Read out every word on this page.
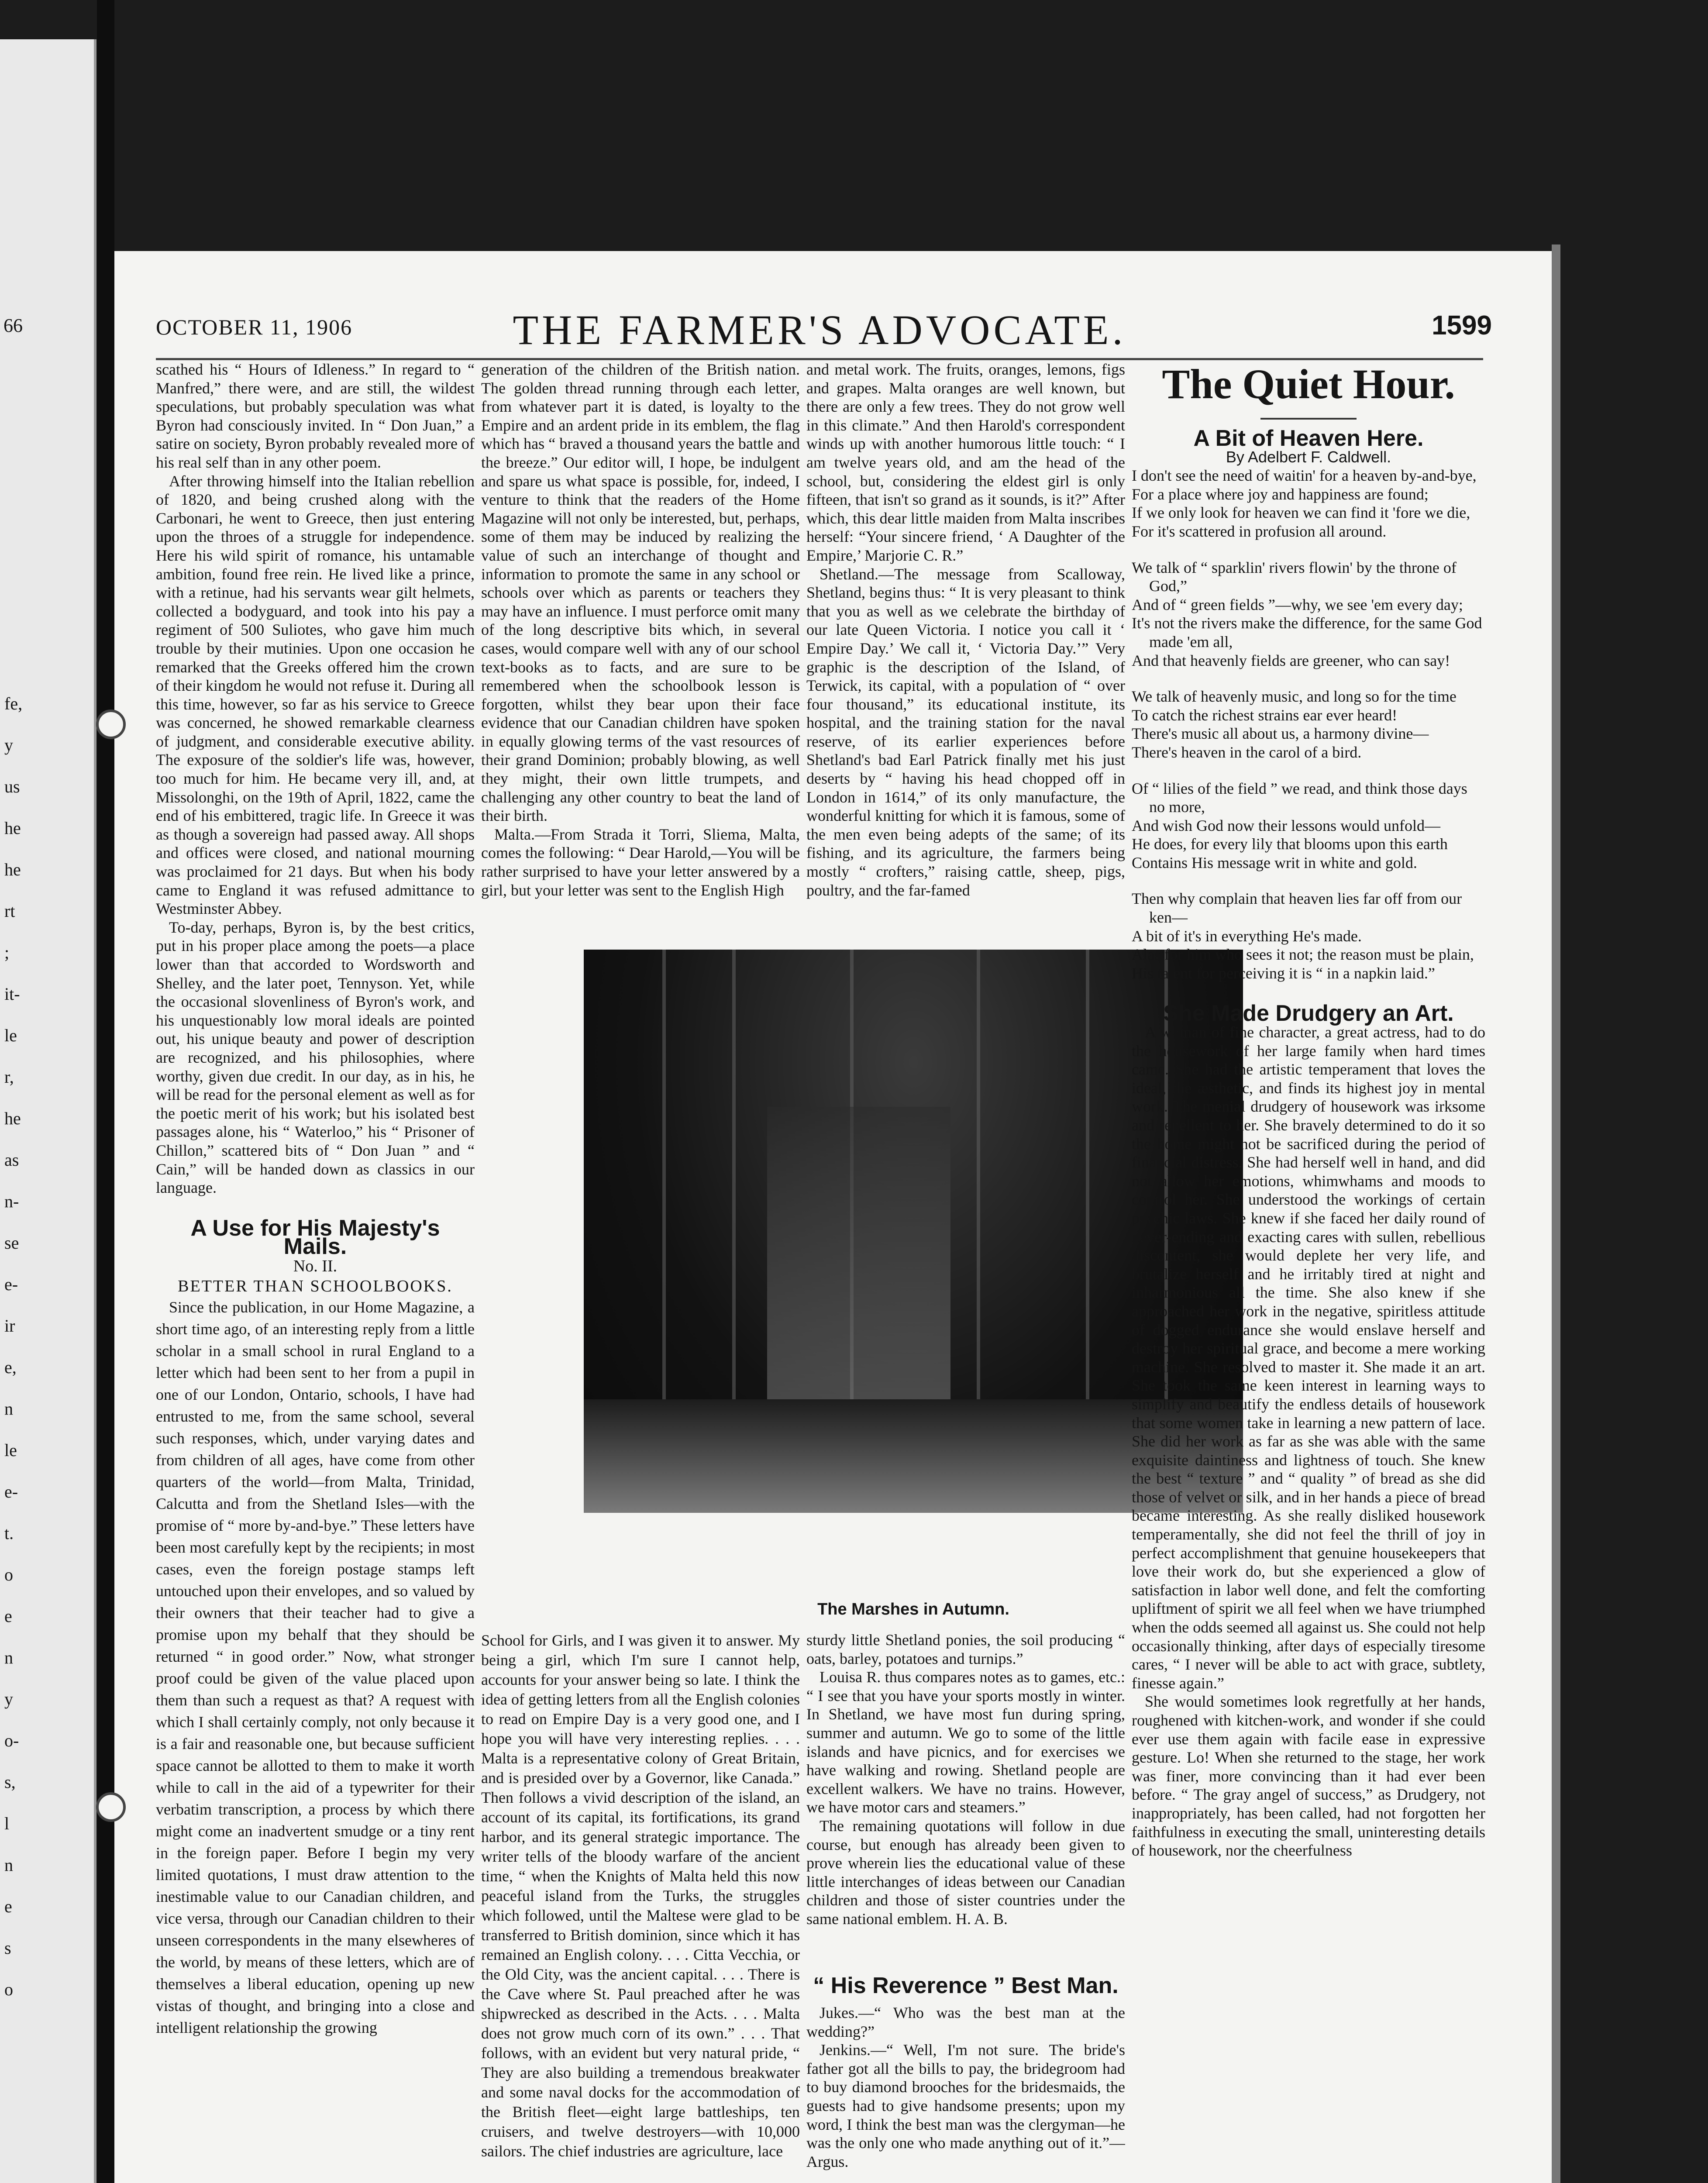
66
fe,
y
us
he
he
rt
;
it-
le
r,
he
as
n-
se
e-
ir
e,
n
le
e-
t.
o
e
n
y
o-
s,
l
n
e
s
o
OCTOBER 11, 1906	THE FARMER'S ADVOCATE.	1599

scathed his “ Hours of Idleness.” In regard to “ Manfred,” there were, and are still, the wildest speculations, but probably speculation was what Byron had consciously invited. In “ Don Juan,” a satire on society, Byron probably revealed more of his real self than in any other poem.

After throwing himself into the Italian rebellion of 1820, and being crushed along with the Carbonari, he went to Greece, then just entering upon the throes of a struggle for independence. Here his wild spirit of romance, his untamable ambition, found free rein. He lived like a prince, with a retinue, had his servants wear gilt helmets, collected a bodyguard, and took into his pay a regiment of 500 Suliotes, who gave him much trouble by their mutinies. Upon one occasion he remarked that the Greeks offered him the crown of their kingdom he would not refuse it. During all this time, however, so far as his service to Greece was concerned, he showed remarkable clearness of judgment, and considerable executive ability. The exposure of the soldier's life was, however, too much for him. He became very ill, and, at Missolonghi, on the 19th of April, 1822, came the end of his embittered, tragic life. In Greece it was as though a sovereign had passed away. All shops and offices were closed, and national mourning was proclaimed for 21 days. But when his body came to England it was refused admittance to Westminster Abbey.

To-day, perhaps, Byron is, by the best critics, put in his proper place among the poets—a place lower than that accorded to Wordsworth and Shelley, and the later poet, Tennyson. Yet, while the occasional slovenliness of Byron's work, and his unquestionably low moral ideals are pointed out, his unique beauty and power of description are recognized, and his philosophies, where worthy, given due credit. In our day, as in his, he will be read for the personal element as well as for the poetic merit of his work; but his isolated best passages alone, his “ Waterloo,” his “ Prisoner of Chillon,” scattered bits of “ Don Juan ” and “ Cain,” will be handed down as classics in our language.

A Use for His Majesty's Mails.
No. II.
BETTER THAN SCHOOLBOOKS.

Since the publication, in our Home Magazine, a short time ago, of an interesting reply from a little scholar in a small school in rural England to a letter which had been sent to her from a pupil in one of our London, Ontario, schools, I have had entrusted to me, from the same school, several such responses, which, under varying dates and from children of all ages, have come from other quarters of the world—from Malta, Trinidad, Calcutta and from the Shetland Isles—with the promise of “ more by-and-bye.” These letters have been most carefully kept by the recipients; in most cases, even the foreign postage stamps left untouched upon their envelopes, and so valued by their owners that their teacher had to give a promise upon my behalf that they should be returned “ in good order.” Now, what stronger proof could be given of the value placed upon them than such a request as that? A request with which I shall certainly comply, not only because it is a fair and reasonable one, but because sufficient space cannot be allotted to them to make it worth while to call in the aid of a typewriter for their verbatim transcription, a process by which there might come an inadvertent smudge or a tiny rent in the foreign paper. Before I begin my very limited quotations, I must draw attention to the inestimable value to our Canadian children, and vice versa, through our Canadian children to their unseen correspondents in the many elsewheres of the world, by means of these letters, which are of themselves a liberal education, opening up new vistas of thought, and bringing into a close and intelligent relationship the growing

generation of the children of the British nation. The golden thread running through each letter, from whatever part it is dated, is loyalty to the Empire and an ardent pride in its emblem, the flag which has “ braved a thousand years the battle and the breeze.” Our editor will, I hope, be indulgent and spare us what space is possible, for, indeed, I venture to think that the readers of the Home Magazine will not only be interested, but, perhaps, some of them may be induced by realizing the value of such an interchange of thought and information to promote the same in any school or schools over which as parents or teachers they may have an influence. I must perforce omit many of the long descriptive bits which, in several cases, would compare well with any of our school text-books as to facts, and are sure to be remembered when the schoolbook lesson is forgotten, whilst they bear upon their face evidence that our Canadian children have spoken in equally glowing terms of the vast resources of their grand Dominion; probably blowing, as well they might, their own little trumpets, and challenging any other country to beat the land of their birth.

Malta.—From Strada it Torri, Sliema, Malta, comes the following: “ Dear Harold,—You will be rather surprised to have your letter answered by a girl, but your letter was sent to the English High

and metal work. The fruits, oranges, lemons, figs and grapes. Malta oranges are well known, but there are only a few trees. They do not grow well in this climate.” And then Harold's correspondent winds up with another humorous little touch: “ I am twelve years old, and am the head of the school, but, considering the eldest girl is only fifteen, that isn't so grand as it sounds, is it?” After which, this dear little maiden from Malta inscribes herself: “Your sincere friend, ‘ A Daughter of the Empire,’ Marjorie C. R.”

Shetland.—The message from Scalloway, Shetland, begins thus: “ It is very pleasant to think that you as well as we celebrate the birthday of our late Queen Victoria. I notice you call it ‘ Empire Day.’ We call it, ‘ Victoria Day.’” Very graphic is the description of the Island, of Terwick, its capital, with a population of “ over four thousand,” its educational institute, its hospital, and the training station for the naval reserve, of its earlier experiences before Shetland's bad Earl Patrick finally met his just deserts by “ having his head chopped off in London in 1614,” of its only manufacture, the wonderful knitting for which it is famous, some of the men even being adepts of the same; of its fishing, and its agriculture, the farmers being mostly “ crofters,” raising cattle, sheep, pigs, poultry, and the far-famed

The Marshes in Autumn.

School for Girls, and I was given it to answer. My being a girl, which I'm sure I cannot help, accounts for your answer being so late. I think the idea of getting letters from all the English colonies to read on Empire Day is a very good one, and I hope you will have very interesting replies. . . . Malta is a representative colony of Great Britain, and is presided over by a Governor, like Canada.” Then follows a vivid description of the island, an account of its capital, its fortifications, its grand harbor, and its general strategic importance. The writer tells of the bloody warfare of the ancient time, “ when the Knights of Malta held this now peaceful island from the Turks, the struggles which followed, until the Maltese were glad to be transferred to British dominion, since which it has remained an English colony. . . . Citta Vecchia, or the Old City, was the ancient capital. . . . There is the Cave where St. Paul preached after he was shipwrecked as described in the Acts. . . . Malta does not grow much corn of its own.” . . . That follows, with an evident but very natural pride, “ They are also building a tremendous breakwater and some naval docks for the accommodation of the British fleet—eight large battleships, ten cruisers, and twelve destroyers—with 10,000 sailors. The chief industries are agriculture, lace

sturdy little Shetland ponies, the soil producing “ oats, barley, potatoes and turnips.”

Louisa R. thus compares notes as to games, etc.: “ I see that you have your sports mostly in winter. In Shetland, we have most fun during spring, summer and autumn. We go to some of the little islands and have picnics, and for exercises we have walking and rowing. Shetland people are excellent walkers. We have no trains. However, we have motor cars and steamers.”

The remaining quotations will follow in due course, but enough has already been given to prove wherein lies the educational value of these little interchanges of ideas between our Canadian children and those of sister countries under the same national emblem. H. A. B.

“ His Reverence ” Best Man.

Jukes.—“ Who was the best man at the wedding?”

Jenkins.—“ Well, I'm not sure. The bride's father got all the bills to pay, the bridegroom had to buy diamond brooches for the bridesmaids, the guests had to give handsome presents; upon my word, I think the best man was the clergyman—he was the only one who made anything out of it.”—Argus.

The Quiet Hour.
A Bit of Heaven Here.
By Adelbert F. Caldwell.
I don't see the need of waitin' for a heaven by-and-bye,
For a place where joy and happiness are found;
If we only look for heaven we can find it 'fore we die,
For it's scattered in profusion all around.
We talk of “ sparklin' rivers flowin' by the throne of God,”
And of “ green fields ”—why, we see 'em every day;
It's not the rivers make the difference, for the same God made 'em all,
And that heavenly fields are greener, who can say!
We talk of heavenly music, and long so for the time
To catch the richest strains ear ever heard!
There's music all about us, a harmony divine—
There's heaven in the carol of a bird.
Of “ lilies of the field ” we read, and think those days no more,
And wish God now their lessons would unfold—
He does, for every lily that blooms upon this earth
Contains His message writ in white and gold.
Then why complain that heaven lies far off from our ken—
A bit of it's in everything He's made.
Alas for him who sees it not; the reason must be plain,
His talent for perceiving it is “ in a napkin laid.”
She Made Drudgery an Art.

A woman of fine character, a great actress, had to do the housework of her large family when hard times came. She had the artistic temperament that loves the ideal, the æsthetic, and finds its highest joy in mental work. The menial drudgery of housework was irksome and repellent to her. She bravely determined to do it so the home might not be sacrificed during the period of financial distress. She had herself well in hand, and did not allow her emotions, whimwhams and moods to control her. She understood the workings of certain psychic laws. She knew if she faced her daily round of never-ending and exacting cares with sullen, rebellious discontent, she would deplete her very life, and brutalize herself and he irritably tired at night and inharmonious all the time. She also knew if she approached her work in the negative, spiritless attitude of dogged endurance she would enslave herself and destroy her spiritual grace, and become a mere working machine. She resolved to master it. She made it an art. She took the same keen interest in learning ways to simplify and beautify the endless details of housework that some women take in learning a new pattern of lace. She did her work as far as she was able with the same exquisite daintiness and lightness of touch. She knew the best “ texture ” and “ quality ” of bread as she did those of velvet or silk, and in her hands a piece of bread became interesting. As she really disliked housework temperamentally, she did not feel the thrill of joy in perfect accomplishment that genuine housekeepers that love their work do, but she experienced a glow of satisfaction in labor well done, and felt the comforting upliftment of spirit we all feel when we have triumphed when the odds seemed all against us. She could not help occasionally thinking, after days of especially tiresome cares, “ I never will be able to act with grace, subtlety, finesse again.”

She would sometimes look regretfully at her hands, roughened with kitchen-work, and wonder if she could ever use them again with facile ease in expressive gesture. Lo! When she returned to the stage, her work was finer, more convincing than it had ever been before. “ The gray angel of success,” as Drudgery, not inappropriately, has been called, had not forgotten her faithfulness in executing the small, uninteresting details of housework, nor the cheerfulness
